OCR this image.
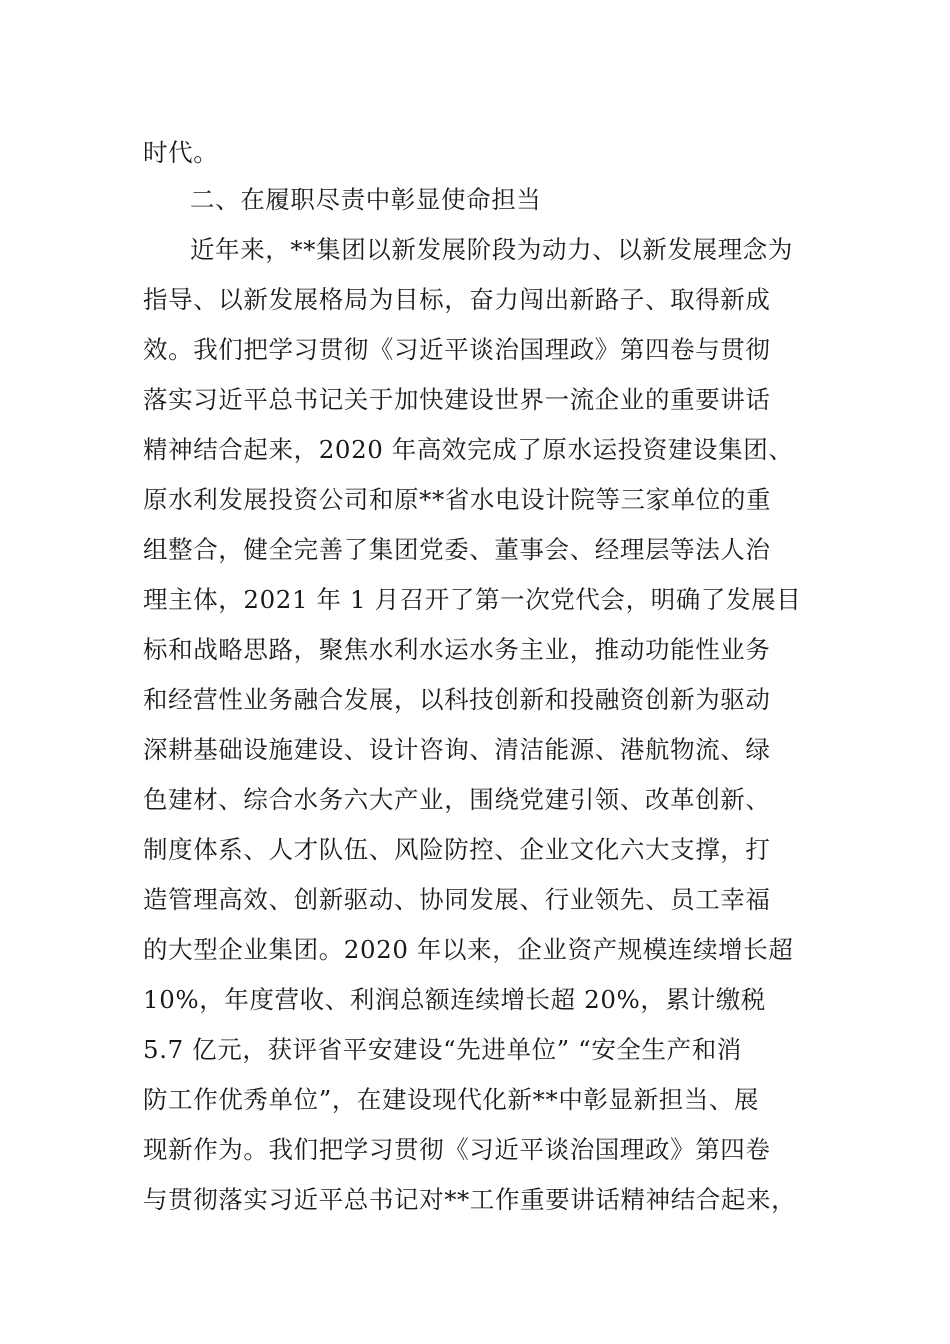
时代。
二、在履职尽责中彰显使命担当
近年来，**集团以新发展阶段为动力、以新发展理念为
指导、以新发展格局为目标，奋力闯出新路子、取得新成
效。我们把学习贯彻《习近平谈治国理政》第四卷与贯彻
落实习近平总书记关于加快建设世界一流企业的重要讲话
精神结合起来，2020 年高效完成了原水运投资建设集团、
原水利发展投资公司和原**省水电设计院等三家单位的重
组整合，健全完善了集团党委、董事会、经理层等法人治
理主体，2021 年 1 月召开了第一次党代会，明确了发展目
标和战略思路，聚焦水利水运水务主业，推动功能性业务
和经营性业务融合发展，以科技创新和投融资创新为驱动
深耕基础设施建设、设计咨询、清洁能源、港航物流、绿
色建材、综合水务六大产业，围绕党建引领、改革创新、
制度体系、人才队伍、风险防控、企业文化六大支撑，打
造管理高效、创新驱动、协同发展、行业领先、员工幸福
的大型企业集团。2020 年以来，企业资产规模连续增长超
10%，年度营收、利润总额连续增长超 20%，累计缴税
5.7 亿元，获评省平安建设“先进单位” “安全生产和消
防工作优秀单位”，在建设现代化新**中彰显新担当、展
现新作为。我们把学习贯彻《习近平谈治国理政》第四卷
与贯彻落实习近平总书记对**工作重要讲话精神结合起来，
